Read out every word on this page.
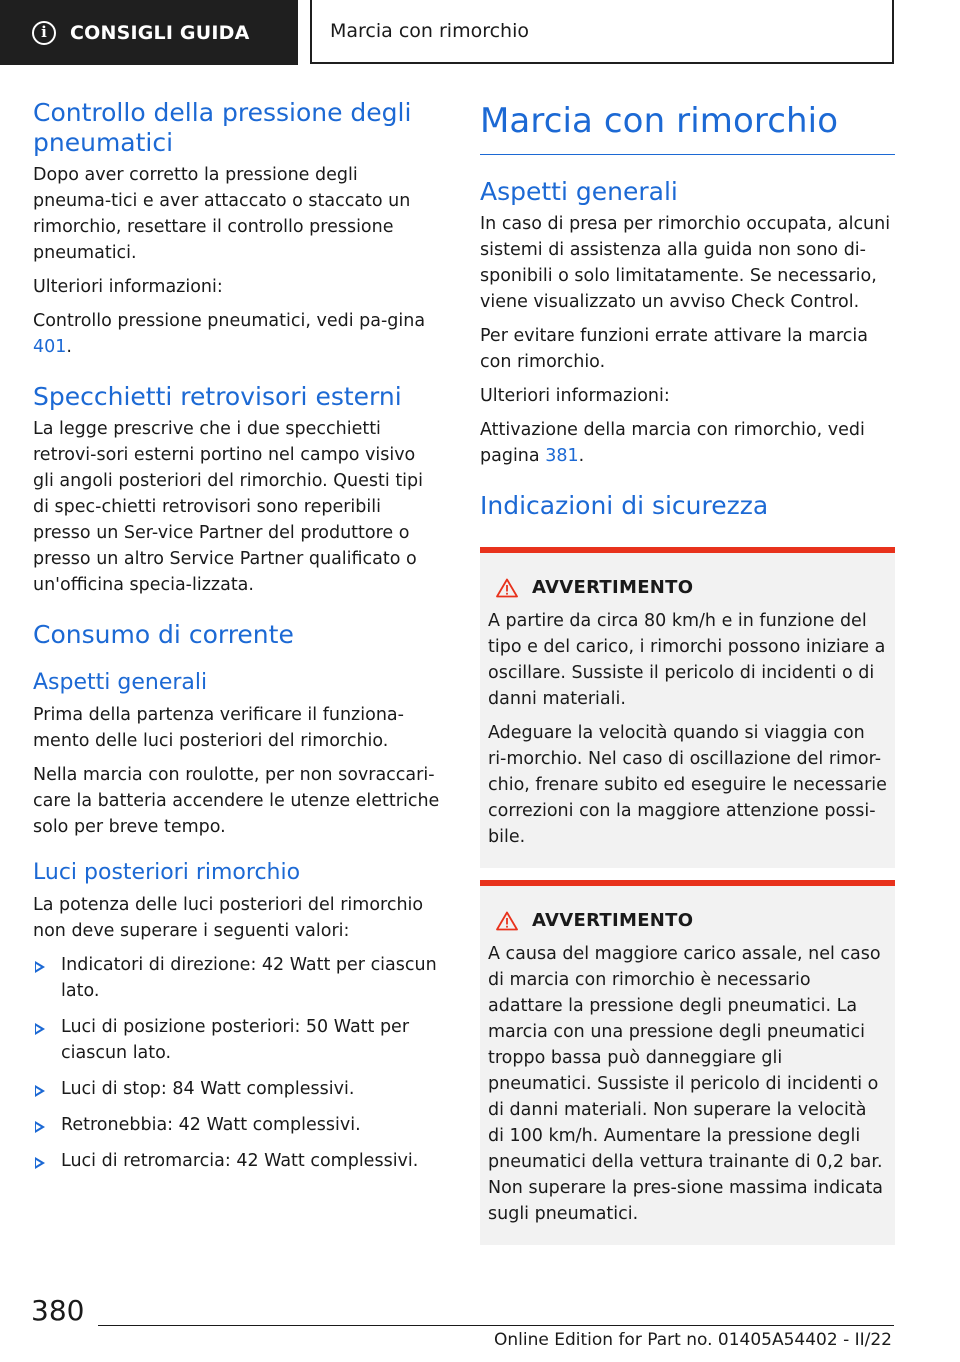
i	CONSIGLI GUIDA	Marcia con rimorchio
Controllo della pressione degli pneumatici

Dopo aver corretto la pressione degli pneuma-tici e aver attaccato o staccato un rimorchio, resettare il controllo pressione pneumatici.

Ulteriori informazioni:

Controllo pressione pneumatici, vedi pa-gina 401.

Specchietti retrovisori esterni

La legge prescrive che i due specchietti retrovi-sori esterni portino nel campo visivo gli angoli posteriori del rimorchio. Questi tipi di spec-chietti retrovisori sono reperibili presso un Ser-vice Partner del produttore o presso un altro Service Partner qualificato o un'officina specia-lizzata.

Consumo di corrente
Aspetti generali

Prima della partenza verificare il funziona-mento delle luci posteriori del rimorchio.

Nella marcia con roulotte, per non sovraccari-care la batteria accendere le utenze elettriche solo per breve tempo.

Luci posteriori rimorchio

La potenza delle luci posteriori del rimorchio non deve superare i seguenti valori:

Indicatori di direzione: 42 Watt per ciascun lato.
Luci di posizione posteriori: 50 Watt per ciascun lato.
Luci di stop: 84 Watt complessivi.
Retronebbia: 42 Watt complessivi.
Luci di retromarcia: 42 Watt complessivi.
Marcia con rimorchio
Aspetti generali

In caso di presa per rimorchio occupata, alcuni sistemi di assistenza alla guida non sono di-sponibili o solo limitatamente. Se necessario, viene visualizzato un avviso Check Control.

Per evitare funzioni errate attivare la marcia con rimorchio.

Ulteriori informazioni:

Attivazione della marcia con rimorchio, vedi pagina 381.

Indicazioni di sicurezza
AVVERTIMENTO

A partire da circa 80 km/h e in funzione del tipo e del carico, i rimorchi possono iniziare a oscillare. Sussiste il pericolo di incidenti o di danni materiali.

Adeguare la velocità quando si viaggia con ri-morchio. Nel caso di oscillazione del rimor-chio, frenare subito ed eseguire le necessarie correzioni con la maggiore attenzione possi-bile.

AVVERTIMENTO

A causa del maggiore carico assale, nel caso di marcia con rimorchio è necessario adattare la pressione degli pneumatici. La marcia con una pressione degli pneumatici troppo bassa può danneggiare gli pneumatici. Sussiste il pericolo di incidenti o di danni materiali. Non superare la velocità di 100 km/h. Aumentare la pressione degli pneumatici della vettura trainante di 0,2 bar. Non superare la pres-sione massima indicata sugli pneumatici.

380
Online Edition for Part no. 01405A54402 - II/22
